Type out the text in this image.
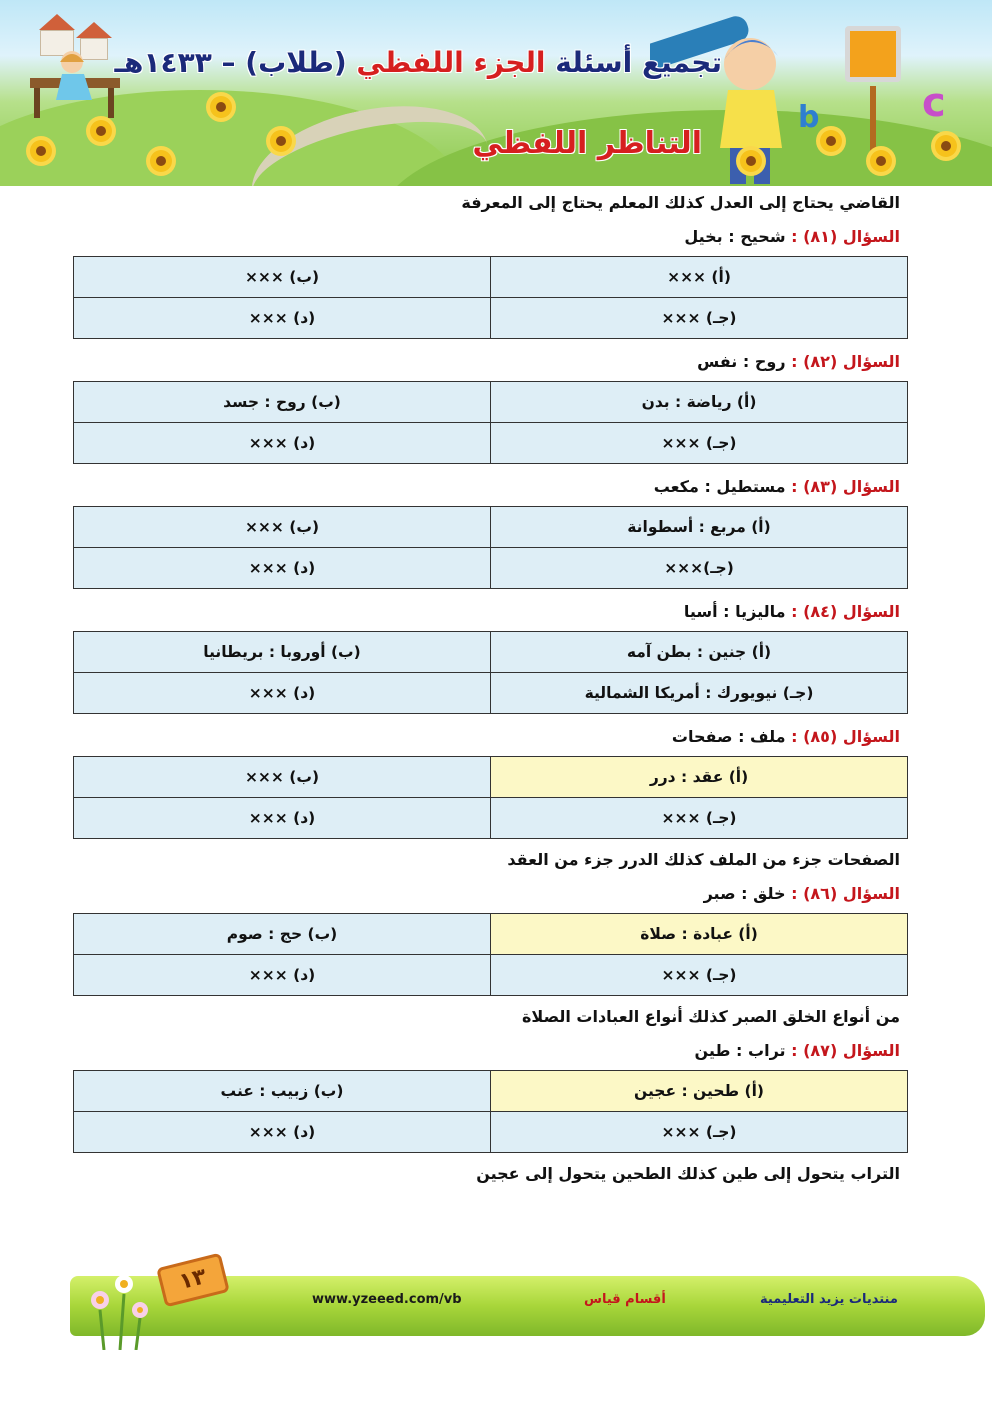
c
b
تجميع أسئلة الجزء اللفظي (طلاب) – ١٤٣٣هـ
التناظر اللفظي
القاضي يحتاج إلى العدل كذلك المعلم يحتاج إلى المعرفة
السؤال (٨١) : شحيح : بخيل
(أ) ×××	(ب) ×××
(جـ) ×××	(د) ×××
السؤال (٨٢) : روح : نفس
(أ) رياضة : بدن	(ب) روح : جسد
(جـ) ×××	(د) ×××
السؤال (٨٣) : مستطيل : مكعب
(أ) مربع : أسطوانة	(ب) ×××
(جـ)×××	(د) ×××
السؤال (٨٤) : ماليزيا : أسيا
(أ) جنين : بطن آمه	(ب) أوروبا : بريطانيا
(جـ) نيويورك : أمريكا الشمالية	(د) ×××
السؤال (٨٥) : ملف : صفحات
(أ) عقد : درر	(ب) ×××
(جـ) ×××	(د) ×××
الصفحات جزء من الملف كذلك الدرر جزء من العقد
السؤال (٨٦) : خلق : صبر
(أ) عبادة : صلاة	(ب) حج : صوم
(جـ) ×××	(د) ×××
من أنواع الخلق الصبر كذلك أنواع العبادات الصلاة
السؤال (٨٧) : تراب : طين
(أ) طحين : عجين	(ب) زبيب : عنب
(جـ) ×××	(د) ×××
التراب يتحول إلى طين كذلك الطحين يتحول إلى عجين
١٣
www.yzeeed.com/vb	أقسام قياس	منتديات يزيد التعليمية
